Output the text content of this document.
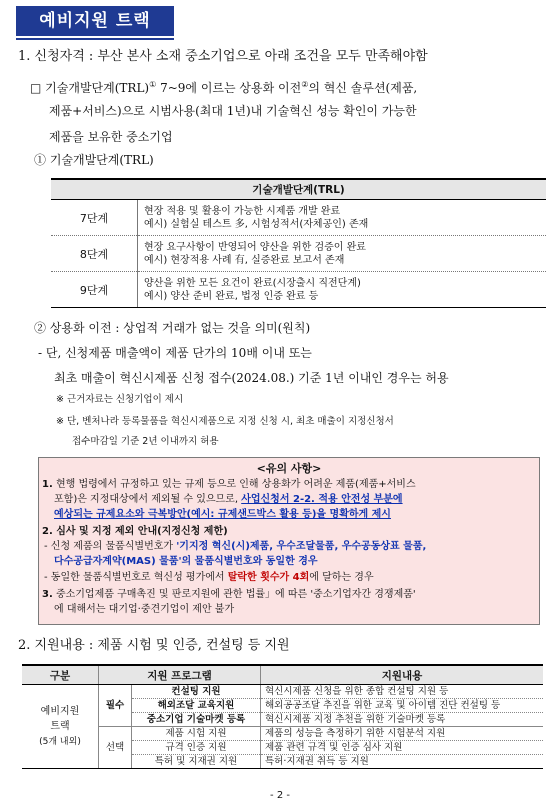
예비지원 트랙
1. 신청자격 : 부산 본사 소재 중소기업으로 아래 조건을 모두 만족해야함
□ 기술개발단계(TRL)① 7~9에 이르는 상용화 이전②의 혁신 솔루션(제품,
제품+서비스)으로 시범사용(최대 1년)내 기술혁신 성능 확인이 가능한
제품을 보유한 중소기업
① 기술개발단계(TRL)
기술개발단계(TRL)	
7단계	현장 적용 및 활용이 가능한 시제품 개발 완료
예시) 실험실 테스트 多, 시험성적서(자체공인) 존재
8단계	현장 요구사항이 반영되어 양산을 위한 검증이 완료
예시) 현장적용 사례 有, 실증완료 보고서 존재
9단계	양산을 위한 모든 요건이 완료(시장출시 직전단계)
예시) 양산 준비 완료, 법정 인증 완료 등
② 상용화 이전 : 상업적 거래가 없는 것을 의미(원칙)
- 단, 신청제품 매출액이 제품 단가의 10배 이내 또는
최초 매출이 혁신시제품 신청 접수(2024.08.) 기준 1년 이내인 경우는 허용
※ 근거자료는 신청기업이 제시
※ 단, 벤처나라 등록물품을 혁신시제품으로 지정 신청 시, 최초 매출이 지정신청서
접수마감일 기준 2년 이내까지 허용
<유의 사항>
1. 현행 법령에서 규정하고 있는 규제 등으로 인해 상용화가 어려운 제품(제품+서비스
포함)은 지정대상에서 제외될 수 있으므로, 사업신청서 2-2. 적용 안전성 부분에
예상되는 규제요소와 극복방안(예시: 규제샌드박스 활용 등)을 명확하게 제시
2. 심사 및 지정 제외 안내(지정신청 제한)
- 신청 제품의 물품식별번호가 '기지정 혁신(시)제품, 우수조달물품, 우수공동상표 물품,
다수공급자계약(MAS) 물품'의 물품식별번호와 동일한 경우
- 동일한 물품식별번호로 혁신성 평가에서 탈락한 횟수가 4회에 달하는 경우
3. 중소기업제품 구매촉진 및 판로지원에 관한 법률」에 따른 '중소기업자간 경쟁제품'
에 대해서는 대기업·중견기업이 제안 불가
2. 지원내용 : 제품 시험 및 인증, 컨설팅 등 지원
구분	지원 프로그램		지원내용

예비지원
트랙
(5개 내외)	필수	컨설팅 지원	혁신시제품 신청을 위한 종합 컨설팅 지원 등
		해외조달 교육지원	해외공공조달 추진을 위한 교육 및 아이템 진단 컨설팅 등
		중소기업 기술마켓 등록	혁신시제품 지정 추천을 위한 기술마켓 등록
	선택	제품 시험 지원	제품의 성능을 측정하기 위한 시험분석 지원
		규격 인증 지원	제품 관련 규격 및 인증 심사 지원
		특허 및 지재권 지원	특허·지재권 취득 등 지원
- 2 -
